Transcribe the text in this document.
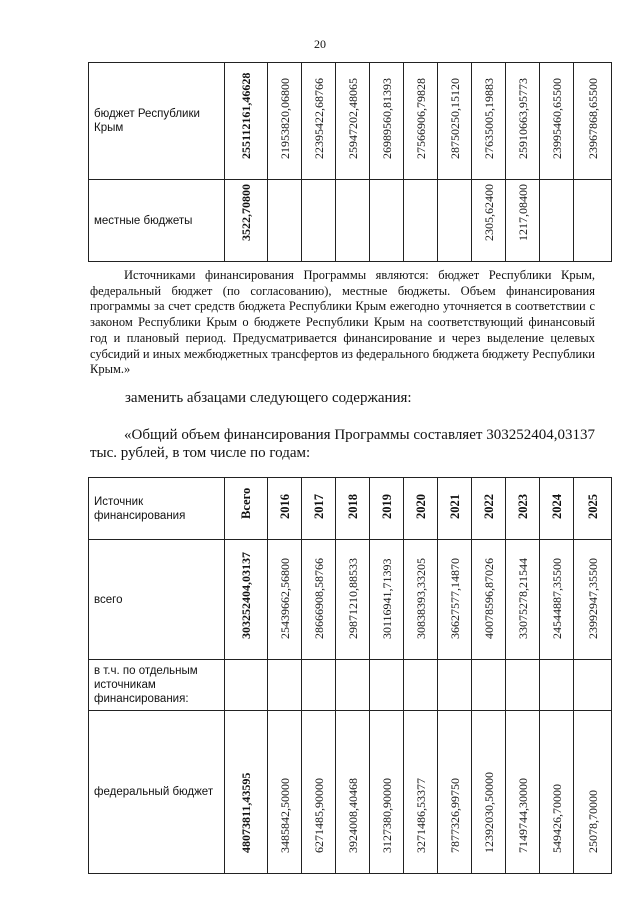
20
бюджет Республики Крым	255112161,46628	21953820,06800	22395422,68766	25947202,48065	26989560,81393	27566906,79828	28750250,15120	27635005,19883	25910663,95773	23995460,65500	23967868,65500

местные бюджеты	3522,70800							2305,62400	1217,08400		

Источниками финансирования Программы являются: бюджет Республики Крым, федеральный бюджет (по согласованию), местные бюджеты. Объем финансирования программы за счет средств бюджета Республики Крым ежегодно уточняется в соответствии с законом Республики Крым о бюджете Республики Крым на соответствующий финансовый год и плановый период. Предусматривается финансирование и через выделение целевых субсидий и иных межбюджетных трансфертов из федерального бюджета бюджету Республики Крым.»

заменить абзацами следующего содержания:
«Общий объем финансирования Программы составляет 303252404,03137 тыс. рублей, в том числе по годам:
Источник финансирования	Всего	2016	2017	2018	2019	2020	2021	2022	2023	2024	2025

всего	303252404,03137	25439662,56800	28666908,58766	29871210,88533	30116941,71393	30838393,33205	36627577,14870	40078596,87026	33075278,21544	24544887,35500	23992947,35500

в т.ч. по отдельным источникам финансирования:	

федеральный бюджет	48073811,43595	3485842,50000	6271485,90000	3924008,40468	3127380,90000	3271486,53377	7877326,99750	12392030,50000	7149744,30000	549426,70000	25078,70000
